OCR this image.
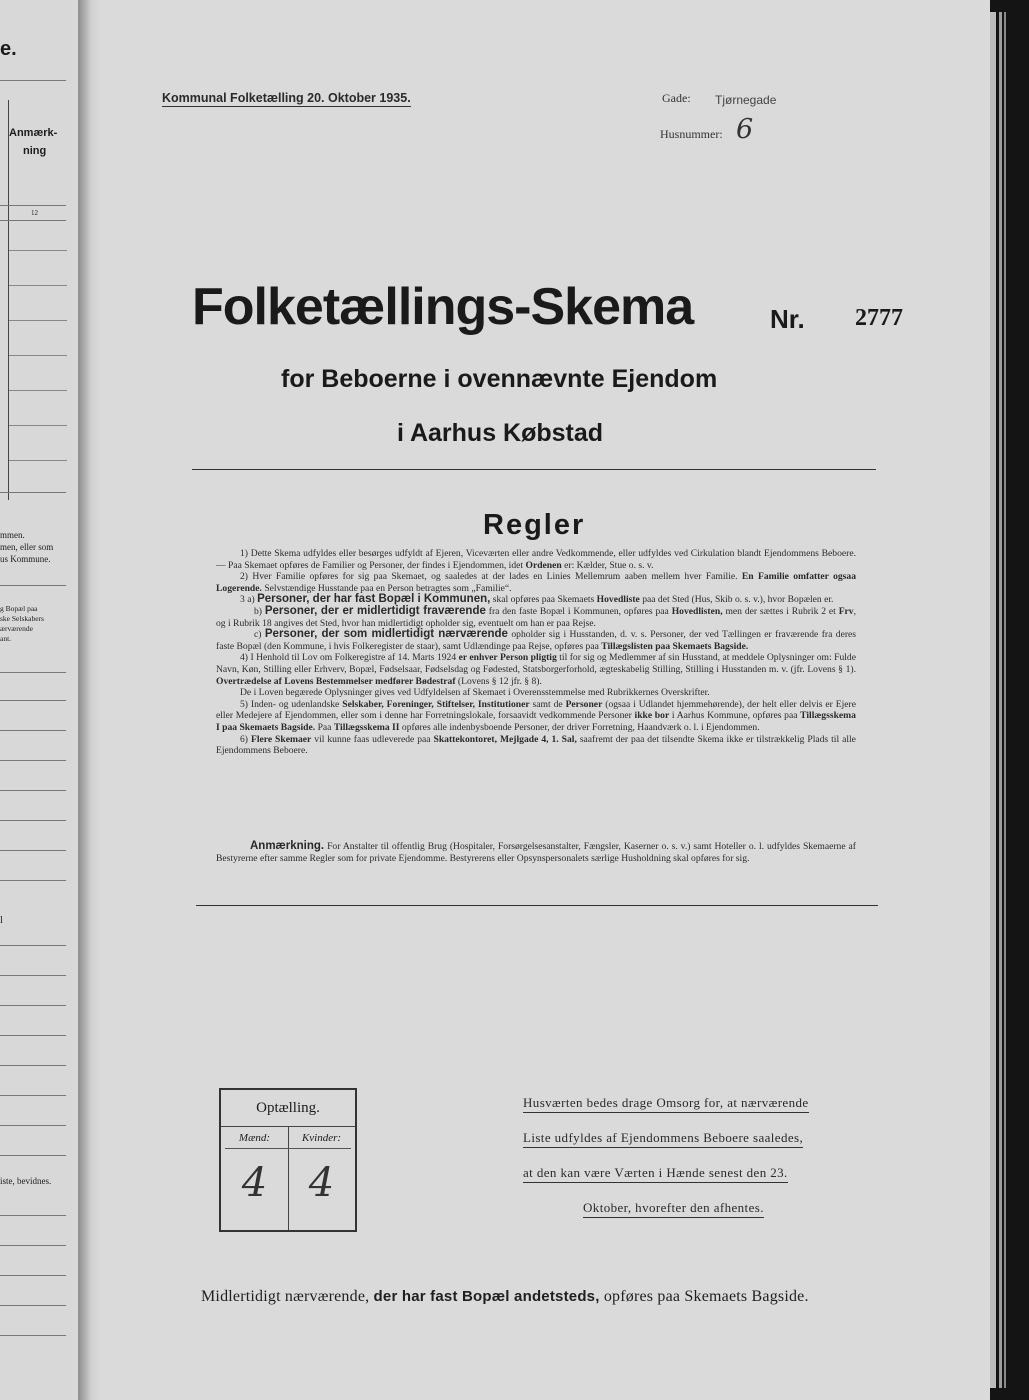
e.
Anmærk-
ning
12
mmen.
men, eller som
us Kommune.
g Bopæl paa
ske Selskabers
ærværende
ant.
l
iste, bevidnes.
Kommunal Folketælling 20. Oktober 1935.	Gade: Tjørnegade
Husnummer: 6
Folketællings-Skema	Nr. 2777
for Beboerne i ovennævnte Ejendom
i Aarhus Købstad
Regler

1) Dette Skema udfyldes eller besørges udfyldt af Ejeren, Viceværten eller andre Vedkommende, eller udfyldes ved Cirkulation blandt Ejendommens Beboere. — Paa Skemaet opføres de Familier og Personer, der findes i Ejendommen, idet Ordenen er: Kælder, Stue o. s. v.

2) Hver Familie opføres for sig paa Skemaet, og saaledes at der lades en Linies Mellemrum aaben mellem hver Familie. En Familie omfatter ogsaa Logerende. Selvstændige Husstande paa en Person betragtes som „Familie“.

3 a) Personer, der har fast Bopæl i Kommunen, skal opføres paa Skemaets Hovedliste paa det Sted (Hus, Skib o. s. v.), hvor Bopælen er.

b) Personer, der er midlertidigt fraværende fra den faste Bopæl i Kommunen, opføres paa Hovedlisten, men der sættes i Rubrik 2 et Frv, og i Rubrik 18 angives det Sted, hvor han midlertidigt opholder sig, eventuelt om han er paa Rejse.

c) Personer, der som midlertidigt nærværende opholder sig i Husstanden, d. v. s. Personer, der ved Tællingen er fraværende fra deres faste Bopæl (den Kommune, i hvis Folkeregister de staar), samt Udlændinge paa Rejse, opføres paa Tillægslisten paa Skemaets Bagside.

4) I Henhold til Lov om Folkeregistre af 14. Marts 1924 er enhver Person pligtig til for sig og Medlemmer af sin Husstand, at meddele Oplysninger om: Fulde Navn, Køn, Stilling eller Erhverv, Bopæl, Fødselsaar, Fødselsdag og Fødested, Statsborgerforhold, ægteskabelig Stilling, Stilling i Husstanden m. v. (jfr. Lovens § 1). Overtrædelse af Lovens Bestemmelser medfører Bødestraf (Lovens § 12 jfr. § 8).

De i Loven begærede Oplysninger gives ved Udfyldelsen af Skemaet i Overensstemmelse med Rubrikkernes Overskrifter.

5) Inden- og udenlandske Selskaber, Foreninger, Stiftelser, Institutioner samt de Personer (ogsaa i Udlandet hjemmehørende), der helt eller delvis er Ejere eller Medejere af Ejendommen, eller som i denne har Forretningslokale, forsaavidt vedkommende Personer ikke bor i Aarhus Kommune, opføres paa Tillægsskema I paa Skemaets Bagside. Paa Tillægsskema II opføres alle indenbysboende Personer, der driver Forretning, Haandværk o. l. i Ejendommen.

6) Flere Skemaer vil kunne faas udleverede paa Skattekontoret, Mejlgade 4, 1. Sal, saafremt der paa det tilsendte Skema ikke er tilstrækkelig Plads til alle Ejendommens Beboere.

Anmærkning. For Anstalter til offentlig Brug (Hospitaler, Forsørgelsesanstalter, Fængsler, Kaserner o. s. v.) samt Hoteller o. l. udfyldes Skemaerne af Bestyrerne efter samme Regler som for private Ejendomme. Bestyrerens eller Opsynspersonalets særlige Husholdning skal opføres for sig.
Optælling.
Mænd:	Kvinder:
4	4
Husværten bedes drage Omsorg for, at nærværende
Liste udfyldes af Ejendommens Beboere saaledes,
at den kan være Værten i Hænde senest den 23.
Oktober, hvorefter den afhentes.
Midlertidigt nærværende, der har fast Bopæl andetsteds, opføres paa Skemaets Bagside.
